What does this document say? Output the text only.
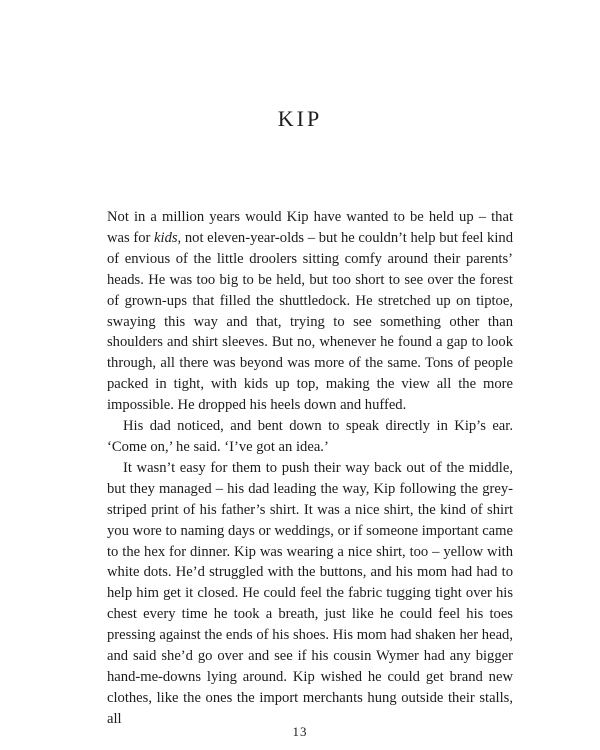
KIP

Not in a million years would Kip have wanted to be held up – that was for kids, not eleven-year-olds – but he couldn’t help but feel kind of envious of the little droolers sitting comfy around their parents’ heads. He was too big to be held, but too short to see over the forest of grown-ups that filled the shuttledock. He stretched up on tiptoe, swaying this way and that, trying to see something other than shoulders and shirt sleeves. But no, whenever he found a gap to look through, all there was beyond was more of the same. Tons of people packed in tight, with kids up top, making the view all the more impossible. He dropped his heels down and huffed.

His dad noticed, and bent down to speak directly in Kip’s ear. ‘Come on,’ he said. ‘I’ve got an idea.’

It wasn’t easy for them to push their way back out of the middle, but they managed – his dad leading the way, Kip following the grey-striped print of his father’s shirt. It was a nice shirt, the kind of shirt you wore to naming days or weddings, or if someone important came to the hex for dinner. Kip was wearing a nice shirt, too – yellow with white dots. He’d struggled with the buttons, and his mom had had to help him get it closed. He could feel the fabric tugging tight over his chest every time he took a breath, just like he could feel his toes pressing against the ends of his shoes. His mom had shaken her head, and said she’d go over and see if his cousin Wymer had any bigger hand-me-downs lying around. Kip wished he could get brand new clothes, like the ones the import merchants hung outside their stalls, all

13
